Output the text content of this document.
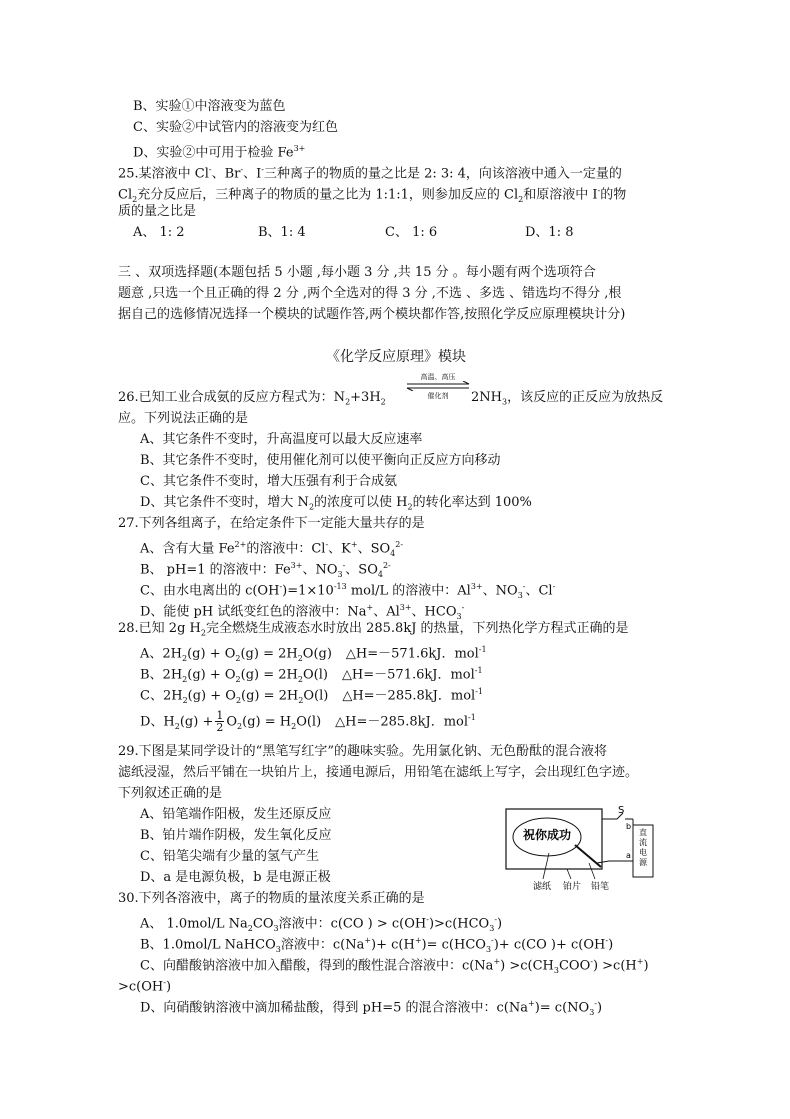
B、实验①中溶液变为蓝色
C、实验②中试管内的溶液变为红色
D、实验②中可用于检验 $Fe^{3+}$
25.某溶液中 Cl-、Br-、I-三种离子的物质的量之比是 2: 3: 4，向该溶液中通入一定量的
$Cl_2$充分反应后，三种离子的物质的量之比为 1:1:1，则参加反应的 $Cl_2$和原溶液中 I-的物
质的量之比是
A、 1: 2	B、1: 4	C、 1: 6	D、1: 8
三 、双项选择题(本题包括 5 小题 ,每小题 3 分 ,共 15 分 。每小题有两个选项符合
题意 ,只选一个且正确的得 2 分 ,两个全选对的得 3 分 ,不选 、多选 、错选均不得分 ,根
据自己的选修情况选择一个模块的试题作答,两个模块都作答,按照化学反应原理模块计分)
《化学反应原理》模块
26.已知工业合成氨的反应方程式为：$N_2+3H_2$
高温、高压
催化剂	$2NH_3$，该反应的正反应为放热反
应。下列说法正确的是
A、其它条件不变时，升高温度可以最大反应速率
B、其它条件不变时，使用催化剂可以使平衡向正反应方向移动
C、其它条件不变时，增大压强有利于合成氨
D、其它条件不变时，增大 $N_2$的浓度可以使 $H_2$的转化率达到 100%
27.下列各组离子，在给定条件下一定能大量共存的是
A、含有大量 $Fe^{2+}$的溶液中：Cl-、K+、$SO_4^{2-}$
B、 pH=1 的溶液中：$Fe^{3+}$、$NO_3^-$、$SO_4^{2-}$
C、由水电离出的 $c(OH^-)=1\times 10^{-13}$ mol/L 的溶液中：$Al^{3+}$、$NO_3^-$、Cl-
D、能使 pH 试纸变红色的溶液中：Na+、$Al^{3+}$、$HCO_3^-$
28.已知 2g $H_2$完全燃烧生成液态水时放出 285.8kJ 的热量，下列热化学方程式正确的是
A、$2H_2(g) + O_2(g) = 2H_2O(g)$ △H=－571.6kJ．mol$^{-1}$
B、$2H_2(g) + O_2(g) = 2H_2O(l)$ △H=－571.6kJ．mol$^{-1}$
C、$2H_2(g) + O_2(g) = 2H_2O(l)$ △H=－285.8kJ．mol$^{-1}$
D、$H_2(g) + \frac{1}{2} O_2(g) = H_2O(l)$ △H=－285.8kJ．mol$^{-1}$
29.下图是某同学设计的“黑笔写红字”的趣味实验。先用氯化钠、无色酚酞的混合液将
滤纸浸湿，然后平铺在一块铂片上，接通电源后，用铅笔在滤纸上写字，会出现红色字迹。
下列叙述正确的是
A、铅笔端作阳极，发生还原反应
B、铂片端作阴极，发生氧化反应
C、铅笔尖端有少量的氢气产生
D、a 是电源负极，b 是电源正极
祝你成功	直流电源
S
b
a
滤纸 铂片 铅笔
30.下列各溶液中，离子的物质的量浓度关系正确的是
A、 1.0mol/L $Na_2CO_3$溶液中：c(CO ) > $c(OH^-)>c(HCO_3^-)$
B、1.0mol/L NaHCO$_3$溶液中：$c(Na^+)+ c(H^+)= c(HCO_3^-)+ c(CO$ )+ c(OH-)
C、向醋酸钠溶液中加入醋酸，得到的酸性混合溶液中：$c(Na^+) >c(CH_3COO^-) >c(H^+)$
>c(OH-)
D、向硝酸钠溶液中滴加稀盐酸，得到 pH=5 的混合溶液中：$c(Na^+)= c(NO_3^-)$
